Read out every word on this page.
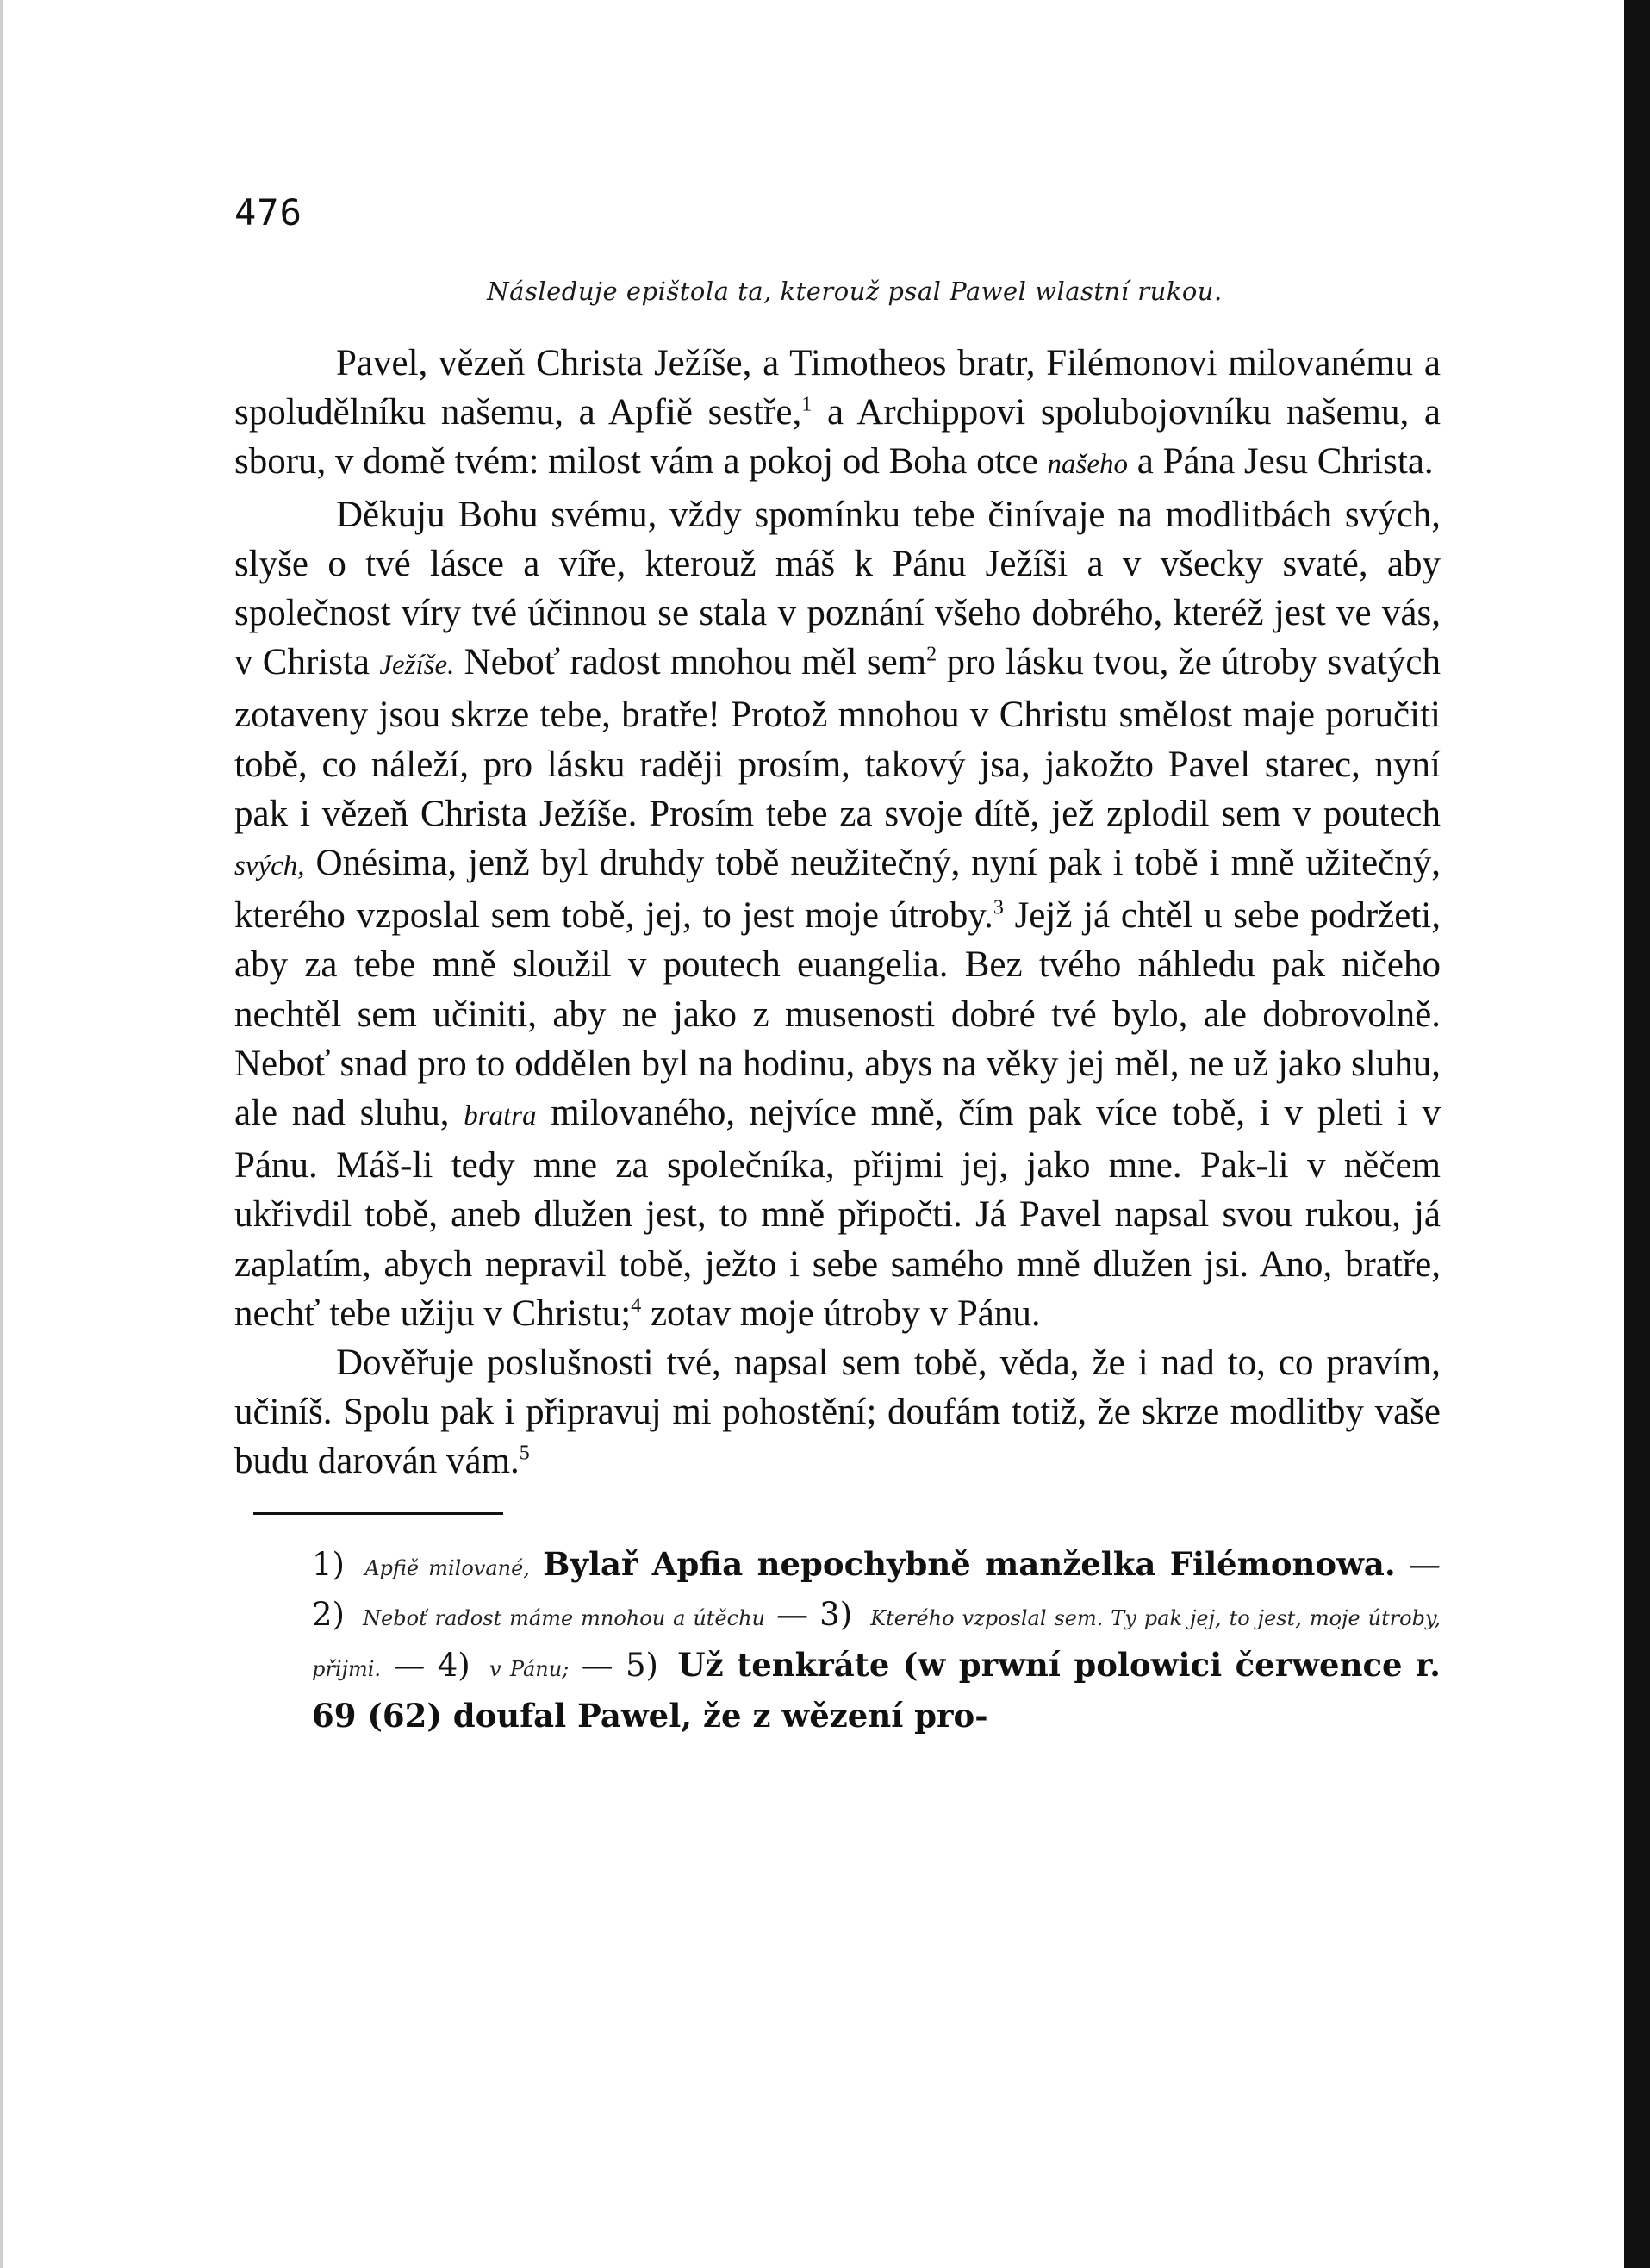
476
Následuje epištola ta, kterouž psal Pawel wlastní rukou.

Pavel, vězeň Christa Ježíše, a Timotheos bratr, Filémonovi milovanému a spoludělníku našemu, a Apfiě sestře,$^1$ a Archippovi spolubojovníku našemu, a sboru, v domě tvém: milost vám a pokoj od Boha otce našeho a Pána Jesu Christa.

Děkuju Bohu svému, vždy spomínku tebe činívaje na modlitbách svých, slyše o tvé lásce a víře, kterouž máš k Pánu Ježíši a v všecky svaté, aby společnost víry tvé účinnou se stala v poznání všeho dobrého, kteréž jest ve vás, v Christa Ježíše. Neboť radost mnohou měl sem$^2$ pro lásku tvou, že útroby svatých zotaveny jsou skrze tebe, bratře! Protož mnohou v Christu smělost maje poručiti tobě, co náleží, pro lásku raději prosím, takový jsa, jakožto Pavel starec, nyní pak i vězeň Christa Ježíše. Prosím tebe za svoje dítě, jež zplodil sem v poutech svých, Onésima, jenž byl druhdy tobě neužitečný, nyní pak i tobě i mně užitečný, kterého vzposlal sem tobě, jej, to jest moje útroby.$^3$ Jejž já chtěl u sebe podržeti, aby za tebe mně sloužil v poutech euangelia. Bez tvého náhledu pak ničeho nechtěl sem učiniti, aby ne jako z musenosti dobré tvé bylo, ale dobrovolně. Neboť snad pro to oddělen byl na hodinu, abys na věky jej měl, ne už jako sluhu, ale nad sluhu, bratra milovaného, nejvíce mně, čím pak více tobě, i v pleti i v Pánu. Máš-li tedy mne za společníka, přijmi jej, jako mne. Pak-li v něčem ukřivdil tobě, aneb dlužen jest, to mně připočti. Já Pavel napsal svou rukou, já zaplatím, abych nepravil tobě, ježto i sebe samého mně dlužen jsi. Ano, bratře, nechť tebe užiju v Christu;$^4$ zotav moje útroby v Pánu.

Dověřuje poslušnosti tvé, napsal sem tobě, věda, že i nad to, co pravím, učiníš. Spolu pak i připravuj mi pohostění; doufám totiž, že skrze modlitby vaše budu darován vám.$^5$

1) Apfiě milované, Bylař Apfia nepochybně manželka Filémonowa. — 2) Neboť radost máme mnohou a útěchu — 3) Kterého vzposlal sem. Ty pak jej, to jest, moje útroby, přijmi. — 4) v Pánu; — 5) Už tenkráte (w prwní polowici čerwence r. 69 (62) doufal Pawel, že z wězení pro-
